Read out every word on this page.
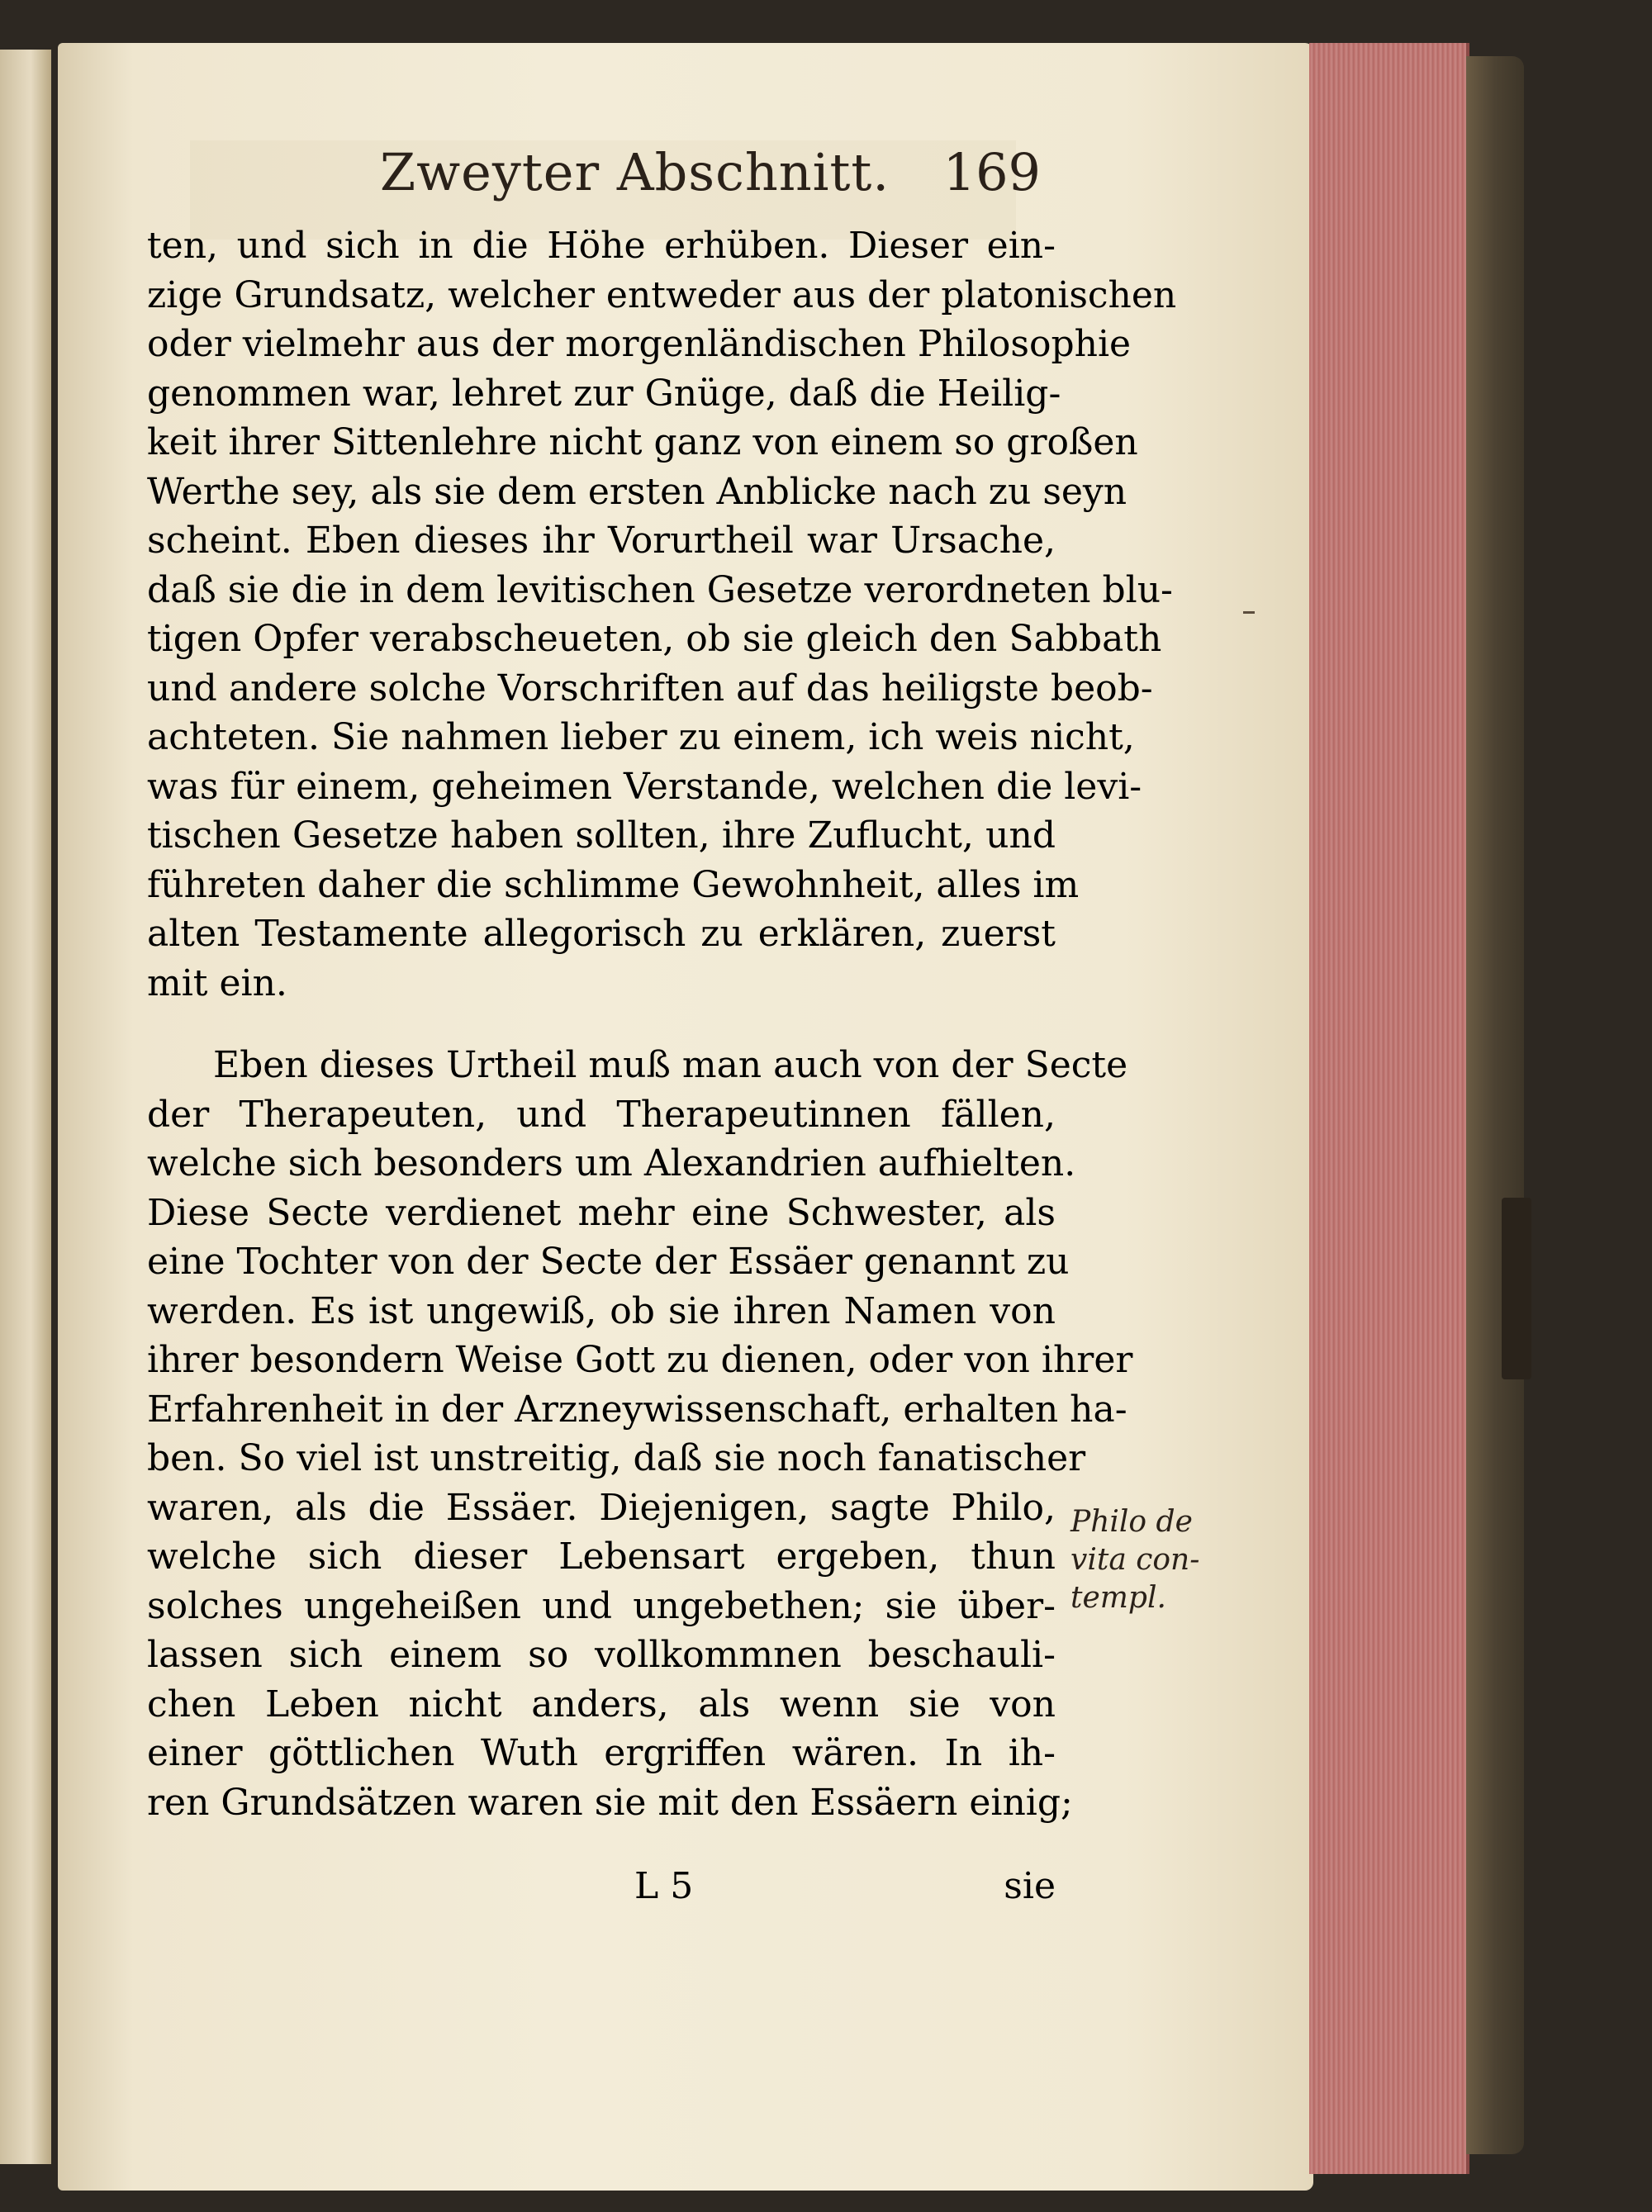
Zweyter Abschnitt. 169
ten, und sich in die Höhe erhüben. Dieser ein-
zige Grundsatz, welcher entweder aus der platonischen
oder vielmehr aus der morgenländischen Philosophie
genommen war, lehret zur Gnüge, daß die Heilig-
keit ihrer Sittenlehre nicht ganz von einem so großen
Werthe sey, als sie dem ersten Anblicke nach zu seyn
scheint. Eben dieses ihr Vorurtheil war Ursache,
daß sie die in dem levitischen Gesetze verordneten blu-
tigen Opfer verabscheueten, ob sie gleich den Sabbath
und andere solche Vorschriften auf das heiligste beob-
achteten. Sie nahmen lieber zu einem, ich weis nicht,
was für einem, geheimen Verstande, welchen die levi-
tischen Gesetze haben sollten, ihre Zuflucht, und
führeten daher die schlimme Gewohnheit, alles im
alten Testamente allegorisch zu erklären, zuerst
mit ein.
Eben dieses Urtheil muß man auch von der Secte
der Therapeuten, und Therapeutinnen fällen,
welche sich besonders um Alexandrien aufhielten.
Diese Secte verdienet mehr eine Schwester, als
eine Tochter von der Secte der Essäer genannt zu
werden. Es ist ungewiß, ob sie ihren Namen von
ihrer besondern Weise Gott zu dienen, oder von ihrer
Erfahrenheit in der Arzneywissenschaft, erhalten ha-
ben. So viel ist unstreitig, daß sie noch fanatischer
waren, als die Essäer. Diejenigen, sagte Philo,
welche sich dieser Lebensart ergeben, thun
solches ungeheißen und ungebethen; sie über-
lassen sich einem so vollkommnen beschauli-
chen Leben nicht anders, als wenn sie von
einer göttlichen Wuth ergriffen wären. In ih-
ren Grundsätzen waren sie mit den Essäern einig;
Philo de
vita con-
templ.
L 5	sie
